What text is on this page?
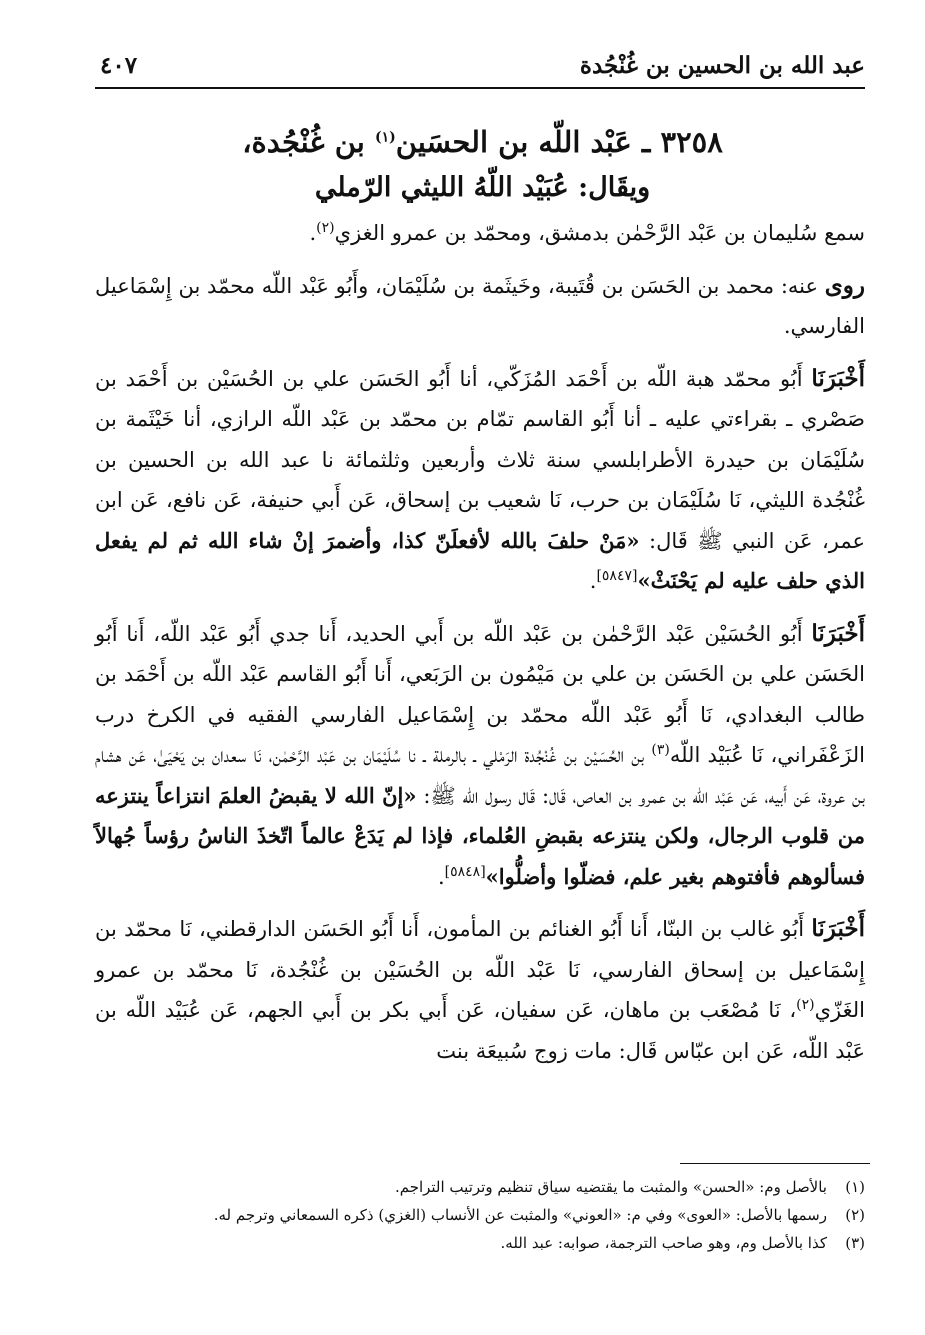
عبد الله بن الحسين بن غُنْجُدة
٤٠٧
٣٢٥٨ ـ عَبْد اللّه بن الحسَين$^{(١)}$ بن غُنْجُدة،
ويقَال: عُبَيْد اللّهُ الليثي الرّملي

سمع سُليمان بن عَبْد الرَّحْمٰن بدمشق، ومحمّد بن عمرو الغزي$^{(٢)}$.

روى عنه: محمد بن الحَسَن بن قُتَيبة، وخَيثَمة بن سُلَيْمَان، وأَبُو عَبْد اللّه محمّد بن إِسْمَاعيل الفارسي.

أَخْبَرَنَا أَبُو محمّد هبة اللّه بن أَحْمَد المُزَكّي، أنا أَبُو الحَسَن علي بن الحُسَيْن بن أَحْمَد بن صَصْري ـ بقراءتي عليه ـ أنا أَبُو القاسم تمّام بن محمّد بن عَبْد اللّه الرازي، أنا خَيْثَمة بن سُلَيْمَان بن حيدرة الأطرابلسي سنة ثلاث وأربعين وثلثمائة نا عبد الله بن الحسين بن غُنْجُدة الليثي، نَا سُلَيْمَان بن حرب، نَا شعيب بن إسحاق، عَن أَبي حنيفة، عَن نافع، عَن ابن عمر، عَن النبي ﷺ قَال: «مَنْ حلفَ بالله لأفعلَنّ كذا، وأضمرَ إنْ شاء الله ثم لم يفعل الذي حلف عليه لم يَحْنَثْ»[٥٨٤٧].

أَخْبَرَنَا أَبُو الحُسَيْن عَبْد الرَّحْمٰن بن عَبْد اللّه بن أَبي الحديد، أَنا جدي أَبُو عَبْد اللّه، أَنا أَبُو الحَسَن علي بن الحَسَن بن علي بن مَيْمُون بن الرَبَعي، أَنا أَبُو القاسم عَبْد اللّه بن أَحْمَد بن طالب البغدادي، نَا أَبُو عَبْد اللّه محمّد بن إِسْمَاعيل الفارسي الفقيه في الكرخ درب الزَعْفَراني، نَا عُبَيْد اللّه$^{(٣)}$ بن الحُسَيْن بن غُنْجُدة الرَمْلي ـ بالرملة ـ نا سُلَيْمَان بن عَبْد الرَّحْمٰن، نَا سعدان بن يَحْيَىٰ، عَن هشام بن عروة، عَن أَبيه، عَن عَبْد اللّه بن عمرو بن العاص، قَال: قَال رسول الله ﷺ: «إنّ الله لا يقبضُ العلمَ انتزاعاً ينتزعه من قلوب الرجال، ولكن ينتزعه بقبضِ العُلماء، فإذا لم يَدَعْ عالماً اتّخذَ الناسُ رؤساً جُهالاً فسألوهم فأفتوهم بغير علم، فضلّوا وأضلُّوا»[٥٨٤٨].

أَخْبَرَنَا أَبُو غالب بن البنّا، أَنا أَبُو الغنائم بن المأمون، أَنا أَبُو الحَسَن الدارقطني، نَا محمّد بن إِسْمَاعيل بن إسحاق الفارسي، نَا عَبْد اللّه بن الحُسَيْن بن غُنْجُدة، نَا محمّد بن عمرو الغَزّي$^{(٢)}$، نَا مُصْعَب بن ماهان، عَن سفيان، عَن أَبي بكر بن أَبي الجهم، عَن عُبَيْد اللّه بن عَبْد اللّه، عَن ابن عبّاس قَال: مات زوج سُبيعَة بنت

(١)بالأصل وم: «الحسن» والمثبت ما يقتضيه سياق تنظيم وترتيب التراجم.
(٢)رسمها بالأصل: «العوى» وفي م: «العوني» والمثبت عن الأنساب (الغزي) ذكره السمعاني وترجم له.
(٣)كذا بالأصل وم، وهو صاحب الترجمة، صوابه: عبد الله.
